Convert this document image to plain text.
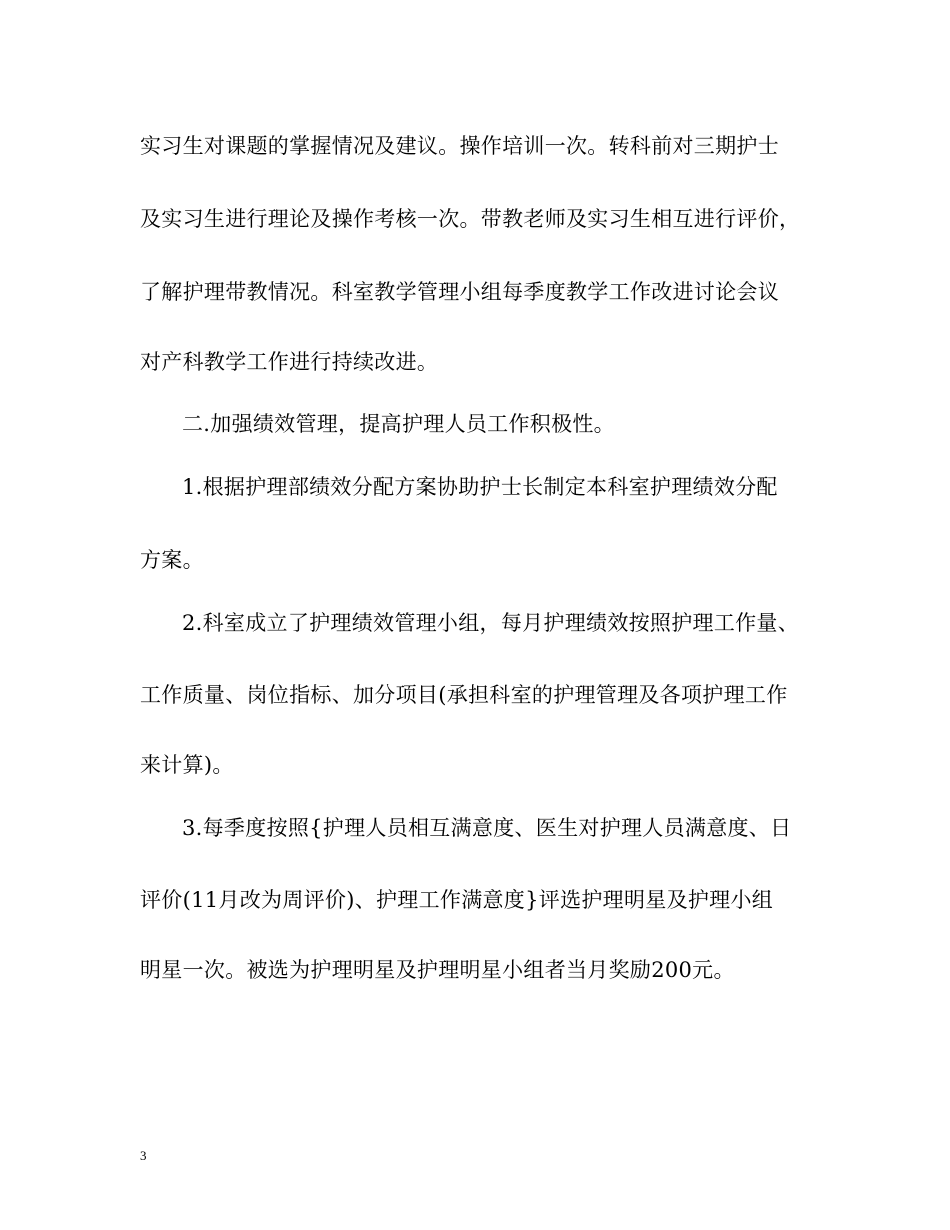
实习生对课题的掌握情况及建议。操作培训一次。转科前对三期护士
及实习生进行理论及操作考核一次。带教老师及实习生相互进行评价，
了解护理带教情况。科室教学管理小组每季度教学工作改进讨论会议
对产科教学工作进行持续改进。
二.加强绩效管理，提高护理人员工作积极性。
1.根据护理部绩效分配方案协助护士长制定本科室护理绩效分配
方案。
2.科室成立了护理绩效管理小组，每月护理绩效按照护理工作量、
工作质量、岗位指标、加分项目(承担科室的护理管理及各项护理工作
来计算)。
3.每季度按照{护理人员相互满意度、医生对护理人员满意度、日
评价(11月改为周评价)、护理工作满意度}评选护理明星及护理小组
明星一次。被选为护理明星及护理明星小组者当月奖励200元。
3
